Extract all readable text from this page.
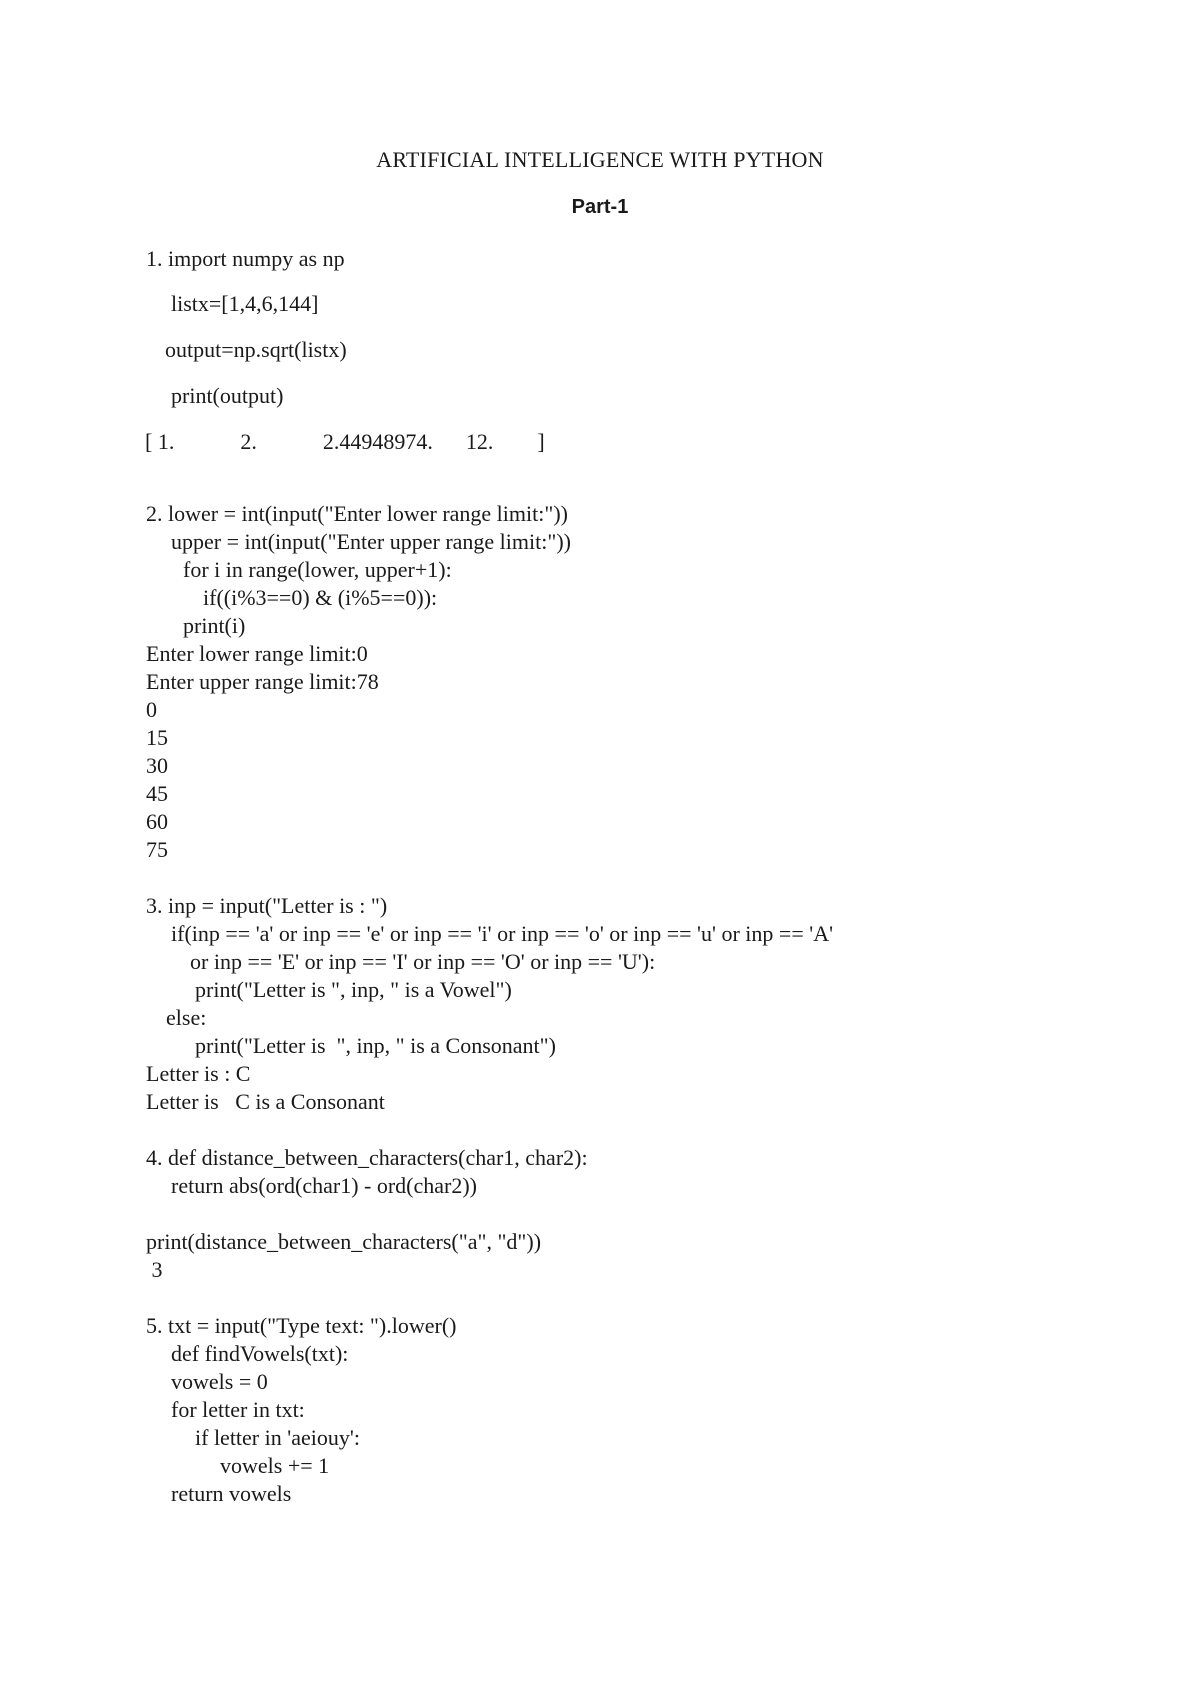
ARTIFICIAL INTELLIGENCE WITH PYTHON
Part-1
1. import numpy as np
listx=[1,4,6,144]
output=np.sqrt(listx)
print(output)
[ 1.            2.            2.44948974.      12.        ]
2. lower = int(input("Enter lower range limit:"))
upper = int(input("Enter upper range limit:"))
for i in range(lower, upper+1):
if((i%3==0) & (i%5==0)):
print(i)
Enter lower range limit:0
Enter upper range limit:78
0
15
30
45
60
75
3. inp = input("Letter is : ")
if(inp == 'a' or inp == 'e' or inp == 'i' or inp == 'o' or inp == 'u' or inp == 'A'
or inp == 'E' or inp == 'I' or inp == 'O' or inp == 'U'):
print("Letter is ", inp, " is a Vowel")
else:
print("Letter is  ", inp, " is a Consonant")
Letter is : C
Letter is   C is a Consonant
4. def distance_between_characters(char1, char2):
return abs(ord(char1) - ord(char2))
print(distance_between_characters("a", "d"))
3
5. txt = input("Type text: ").lower()
def findVowels(txt):
vowels = 0
for letter in txt:
if letter in 'aeiouy':
vowels += 1
return vowels
